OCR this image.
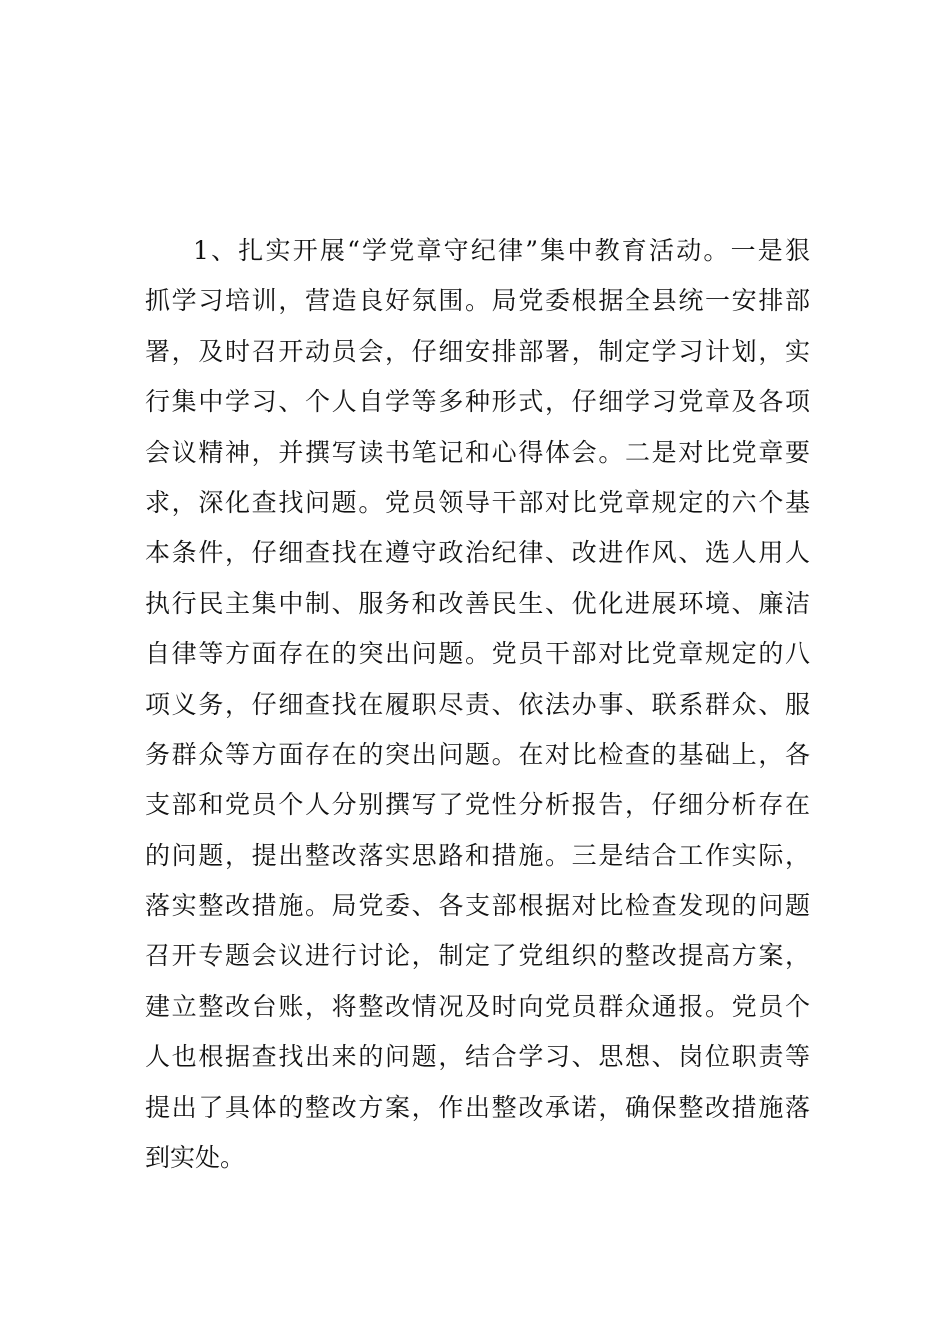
1、扎实开展“学党章守纪律”集中教育活动。一是狠
抓学习培训，营造良好氛围。局党委根据全县统一安排部
署，及时召开动员会，仔细安排部署，制定学习计划，实
行集中学习、个人自学等多种形式，仔细学习党章及各项
会议精神，并撰写读书笔记和心得体会。二是对比党章要
求，深化查找问题。党员领导干部对比党章规定的六个基
本条件，仔细查找在遵守政治纪律、改进作风、选人用人
执行民主集中制、服务和改善民生、优化进展环境、廉洁
自律等方面存在的突出问题。党员干部对比党章规定的八
项义务，仔细查找在履职尽责、依法办事、联系群众、服
务群众等方面存在的突出问题。在对比检查的基础上，各
支部和党员个人分别撰写了党性分析报告，仔细分析存在
的问题，提出整改落实思路和措施。三是结合工作实际，
落实整改措施。局党委、各支部根据对比检查发现的问题
召开专题会议进行讨论，制定了党组织的整改提高方案，
建立整改台账，将整改情况及时向党员群众通报。党员个
人也根据查找出来的问题，结合学习、思想、岗位职责等
提出了具体的整改方案，作出整改承诺，确保整改措施落
到实处。
